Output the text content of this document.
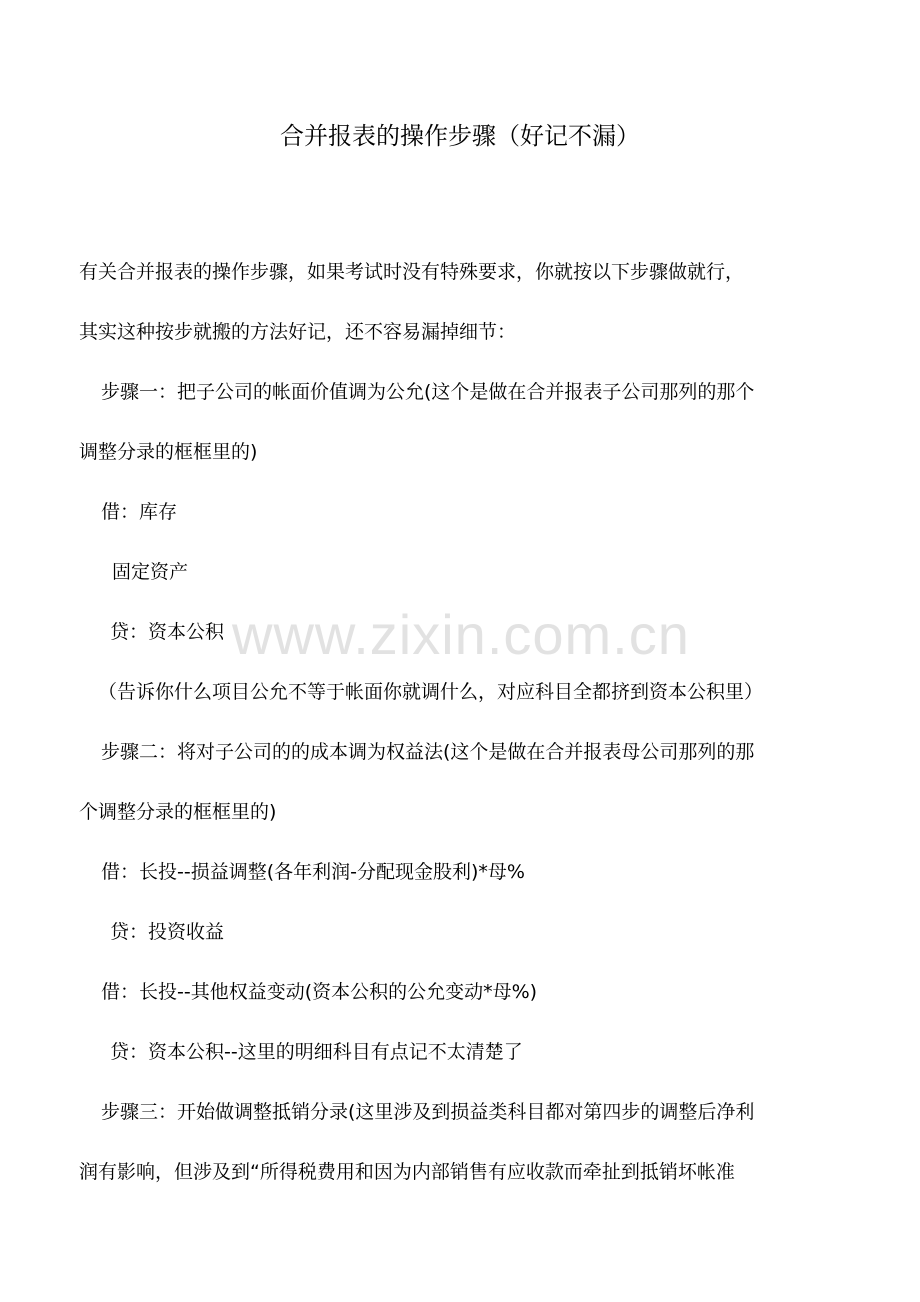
合并报表的操作步骤（好记不漏）
有关合并报表的操作步骤，如果考试时没有特殊要求，你就按以下步骤做就行，
其实这种按步就搬的方法好记，还不容易漏掉细节：
步骤一：把子公司的帐面价值调为公允(这个是做在合并报表子公司那列的那个
调整分录的框框里的)
借：库存
固定资产
贷：资本公积
（告诉你什么项目公允不等于帐面你就调什么，对应科目全都挤到资本公积里）
步骤二：将对子公司的的成本调为权益法(这个是做在合并报表母公司那列的那
个调整分录的框框里的)
借：长投--损益调整(各年利润-分配现金股利)*母%
贷：投资收益
借：长投--其他权益变动(资本公积的公允变动*母%)
贷：资本公积--这里的明细科目有点记不太清楚了
步骤三：开始做调整抵销分录(这里涉及到损益类科目都对第四步的调整后净利
润有影响，但涉及到“所得税费用和因为内部销售有应收款而牵扯到抵销坏帐准
www.zixin.com.cn
